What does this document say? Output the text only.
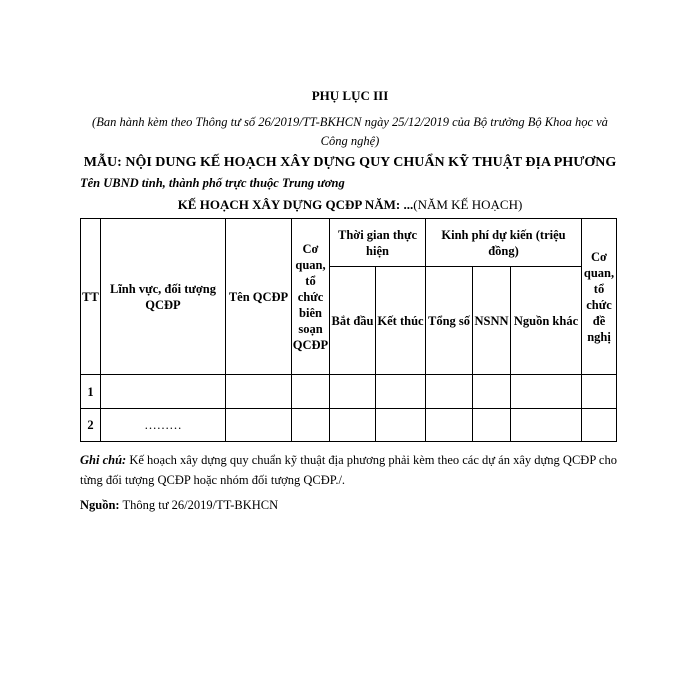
PHỤ LỤC III

(Ban hành kèm theo Thông tư số 26/2019/TT-BKHCN ngày 25/12/2019 của Bộ trưởng Bộ Khoa học và Công nghệ)

MẪU: NỘI DUNG KẾ HOẠCH XÂY DỰNG QUY CHUẨN KỸ THUẬT ĐỊA PHƯƠNG

Tên UBND tỉnh, thành phố trực thuộc Trung ương

KẾ HOẠCH XÂY DỰNG QCĐP NĂM: ...(NĂM KẾ HOẠCH)

TT	Lĩnh vực, đối tượng QCĐP	Tên QCĐP	Cơ quan, tổ chức biên soạn QCĐP	Thời gian thực hiện		Kinh phí dự kiến (triệu đồng)			Cơ quan, tổ chức đề nghị
				Bắt đầu	Kết thúc	Tổng số	NSNN	Nguồn khác	
1									
2	………								

Ghi chú: Kế hoạch xây dựng quy chuẩn kỹ thuật địa phương phải kèm theo các dự án xây dựng QCĐP cho từng đối tượng QCĐP hoặc nhóm đối tượng QCĐP./.

Nguồn: Thông tư 26/2019/TT-BKHCN
